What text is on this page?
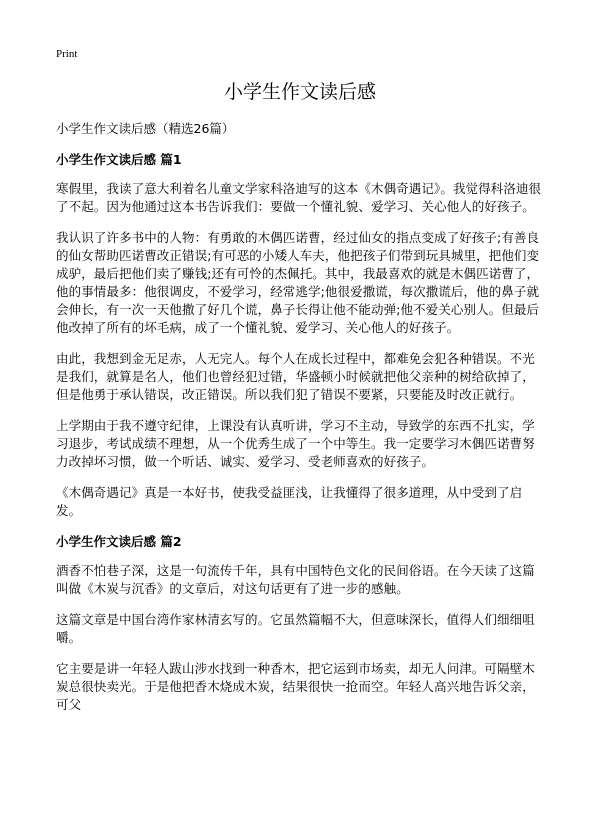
Print
小学生作文读后感

小学生作文读后感（精选26篇）

小学生作文读后感 篇1

寒假里，我读了意大利着名儿童文学家科洛迪写的这本《木偶奇遇记》。我觉得科洛迪很了不起。因为他通过这本书告诉我们：要做一个懂礼貌、爱学习、关心他人的好孩子。

我认识了许多书中的人物：有勇敢的木偶匹诺曹，经过仙女的指点变成了好孩子;有善良的仙女帮助匹诺曹改正错误;有可恶的小矮人车夫，他把孩子们带到玩具城里，把他们变成驴，最后把他们卖了赚钱;还有可怜的杰佩托。其中，我最喜欢的就是木偶匹诺曹了，他的事情最多：他很调皮，不爱学习，经常逃学;他很爱撒谎，每次撒谎后，他的鼻子就会伸长，有一次一天他撒了好几个谎，鼻子长得让他不能动弹;他不爱关心别人。但最后他改掉了所有的坏毛病，成了一个懂礼貌、爱学习、关心他人的好孩子。

由此，我想到金无足赤，人无完人。每个人在成长过程中，都难免会犯各种错误。不光是我们，就算是名人，他们也曾经犯过错，华盛顿小时候就把他父亲种的树给砍掉了，但是他勇于承认错误，改正错误。所以我们犯了错误不要紧，只要能及时改正就行。

上学期由于我不遵守纪律，上课没有认真听讲，学习不主动，导致学的东西不扎实，学习退步，考试成绩不理想，从一个优秀生成了一个中等生。我一定要学习木偶匹诺曹努力改掉坏习惯，做一个听话、诚实、爱学习、受老师喜欢的好孩子。

《木偶奇遇记》真是一本好书，使我受益匪浅，让我懂得了很多道理，从中受到了启发。

小学生作文读后感 篇2

酒香不怕巷子深，这是一句流传千年，具有中国特色文化的民间俗语。在今天读了这篇叫做《木炭与沉香》的文章后，对这句话更有了进一步的感触。

这篇文章是中国台湾作家林清玄写的。它虽然篇幅不大，但意味深长，值得人们细细咀嚼。

它主要是讲一年轻人跋山涉水找到一种香木，把它运到市场卖，却无人问津。可隔壁木炭总很快卖光。于是他把香木烧成木炭，结果很快一抢而空。年轻人高兴地告诉父亲，可父
